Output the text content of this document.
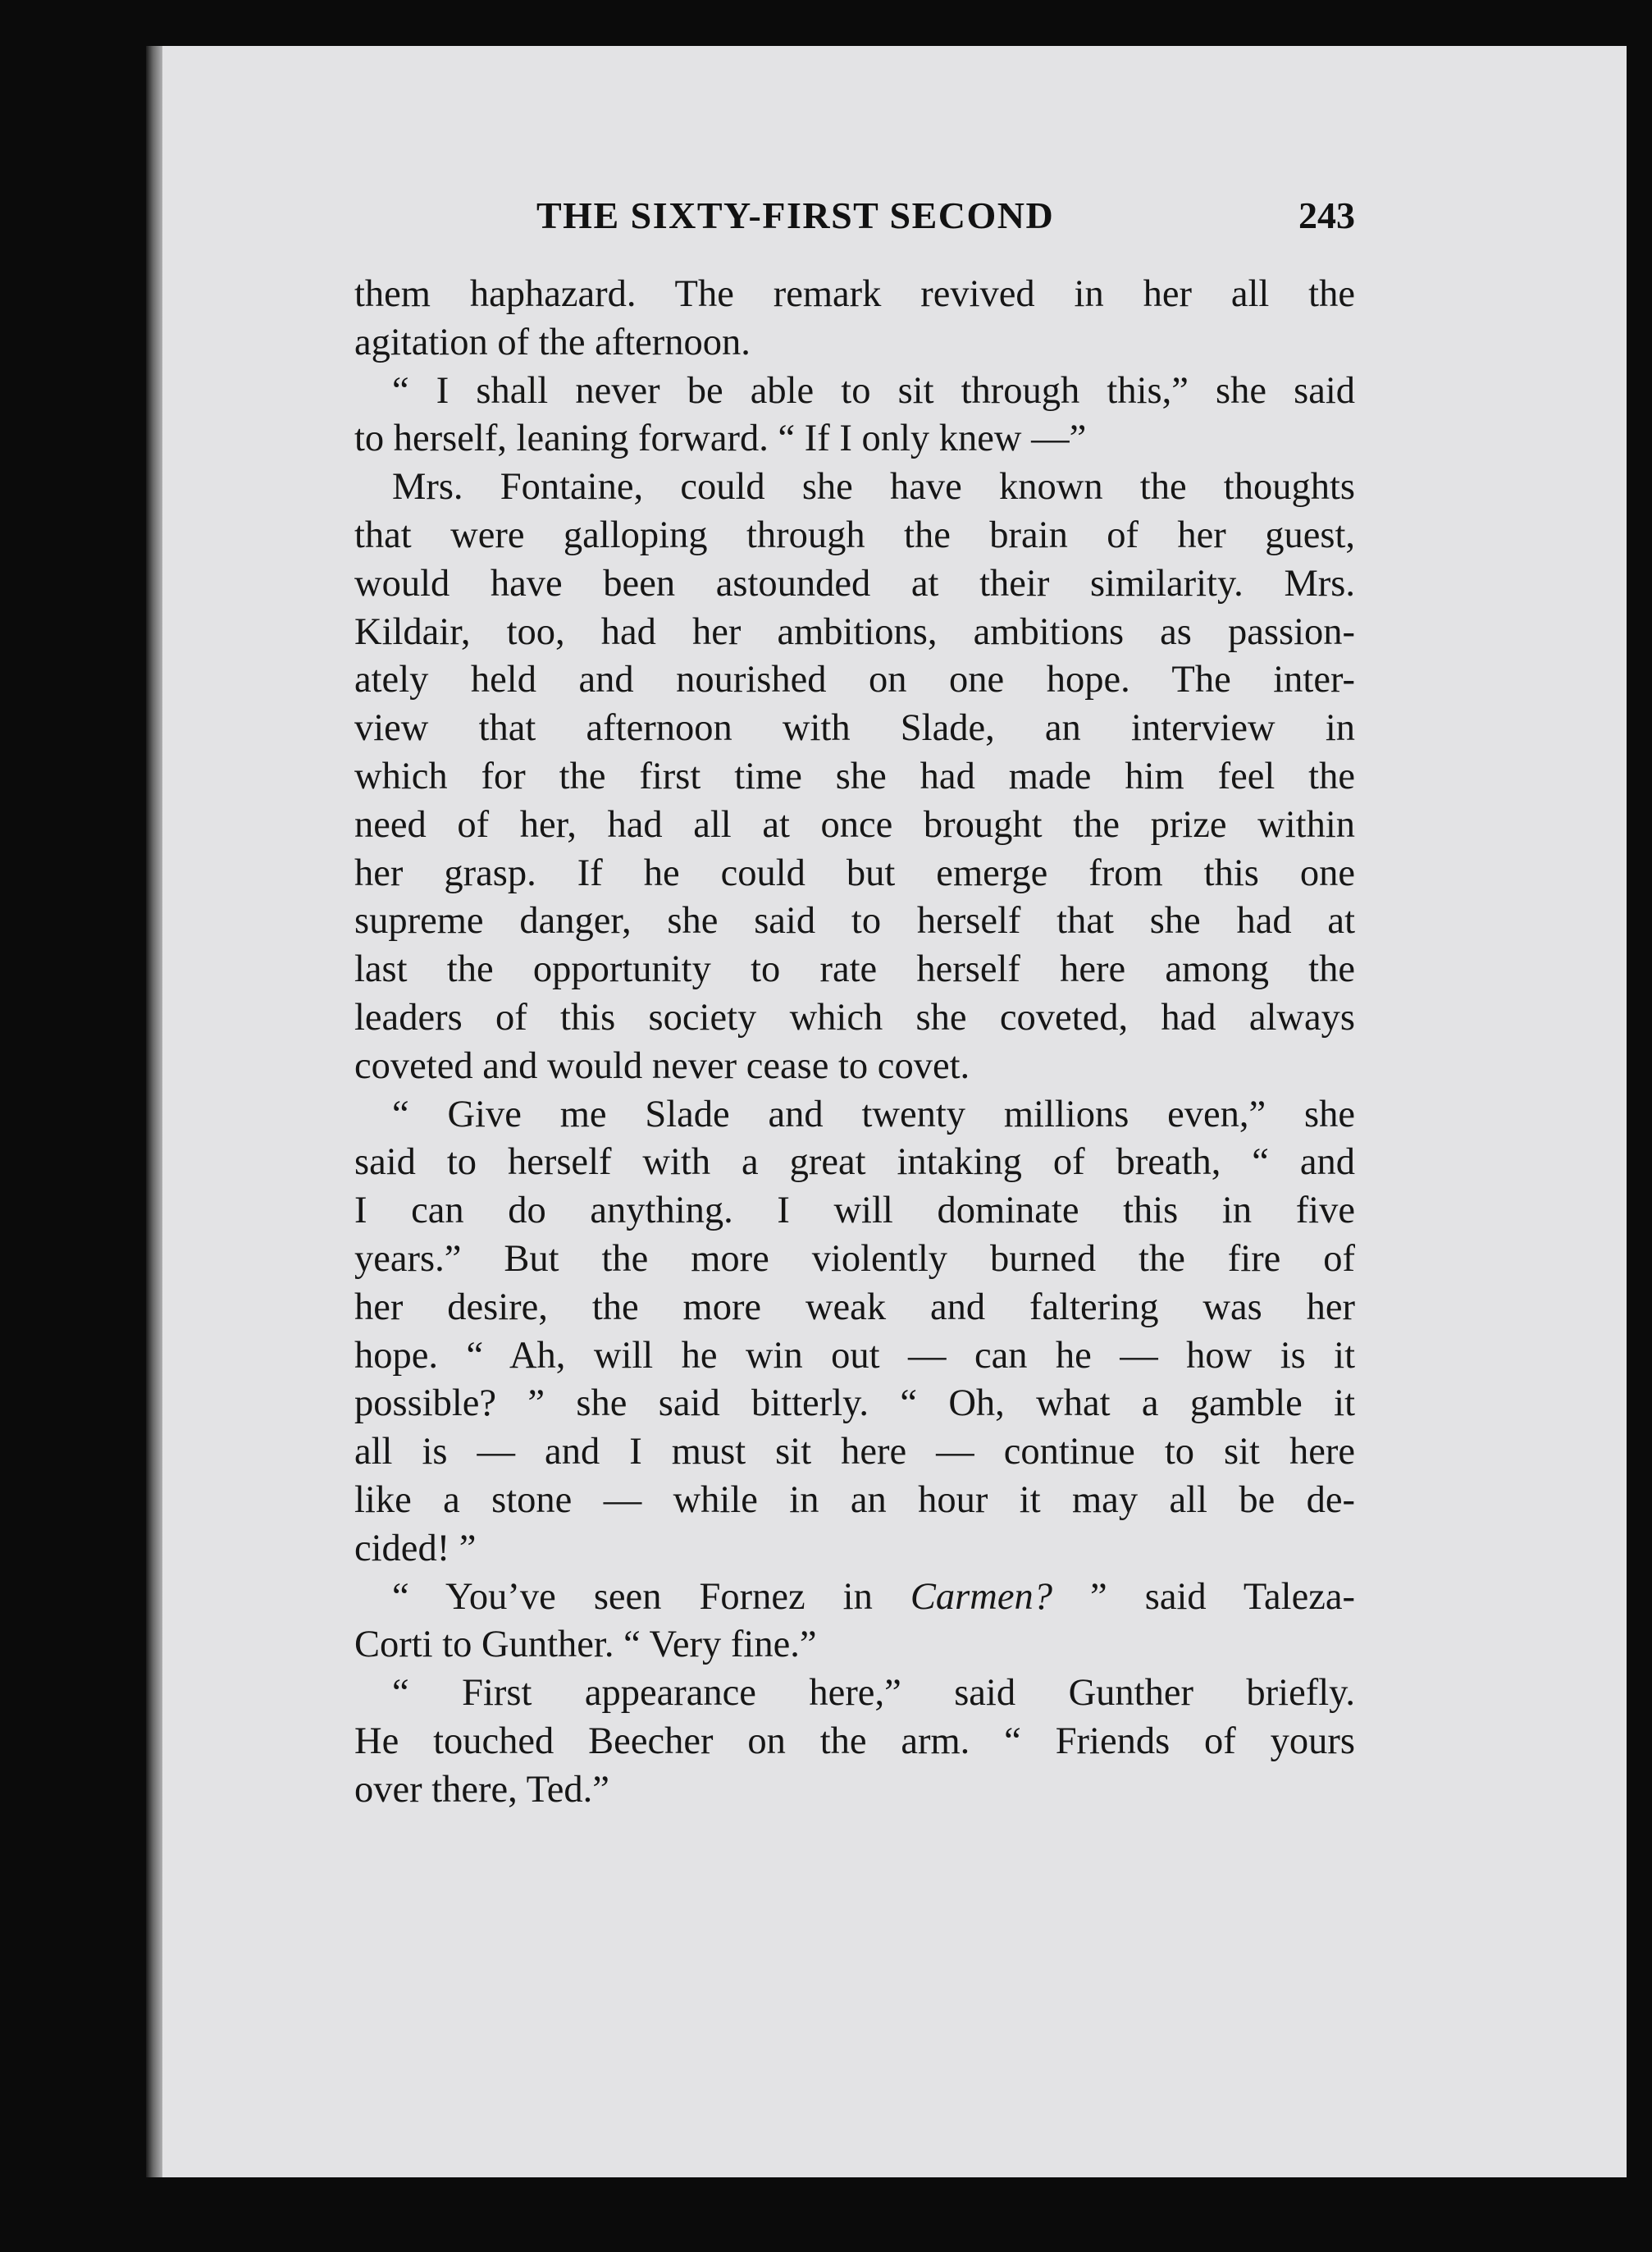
THE SIXTY-FIRST SECOND	243
them haphazard. The remark revived in her all the
agitation of the afternoon.
“ I shall never be able to sit through this,” she said
to herself, leaning forward. “ If I only knew —”
Mrs. Fontaine, could she have known the thoughts
that were galloping through the brain of her guest,
would have been astounded at their similarity. Mrs.
Kildair, too, had her ambitions, ambitions as passion-
ately held and nourished on one hope. The inter-
view that afternoon with Slade, an interview in
which for the first time she had made him feel the
need of her, had all at once brought the prize within
her grasp. If he could but emerge from this one
supreme danger, she said to herself that she had at
last the opportunity to rate herself here among the
leaders of this society which she coveted, had always
coveted and would never cease to covet.
“ Give me Slade and twenty millions even,” she
said to herself with a great intaking of breath, “ and
I can do anything. I will dominate this in five
years.” But the more violently burned the fire of
her desire, the more weak and faltering was her
hope. “ Ah, will he win out — can he — how is it
possible? ” she said bitterly. “ Oh, what a gamble it
all is — and I must sit here — continue to sit here
like a stone — while in an hour it may all be de-
cided! ”
“ You’ve seen Fornez in Carmen? ” said Taleza-
Corti to Gunther. “ Very fine.”
“ First appearance here,” said Gunther briefly.
He touched Beecher on the arm. “ Friends of yours
over there, Ted.”
